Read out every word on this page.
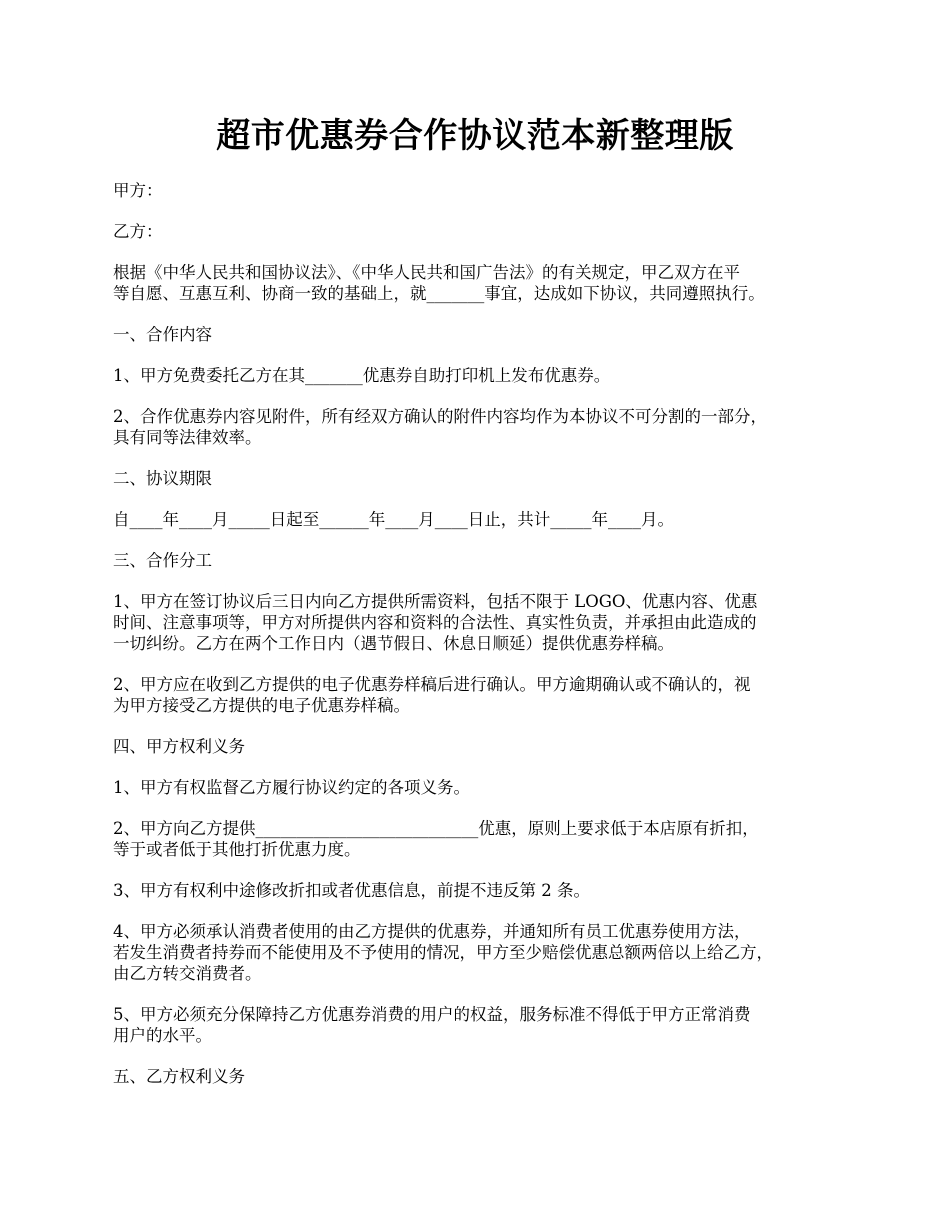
超市优惠券合作协议范本新整理版

甲方：

乙方：

根据《中华人民共和国协议法》、《中华人民共和国广告法》的有关规定，甲乙双方在平
等自愿、互惠互利、协商一致的基础上，就_______事宜，达成如下协议，共同遵照执行。

一、合作内容

1、甲方免费委托乙方在其_______优惠券自助打印机上发布优惠券。

2、合作优惠券内容见附件，所有经双方确认的附件内容均作为本协议不可分割的一部分，
具有同等法律效率。

二、协议期限

自____年____月_____日起至______年____月____日止，共计_____年____月。

三、合作分工

1、甲方在签订协议后三日内向乙方提供所需资料，包括不限于 LOGO、优惠内容、优惠
时间、注意事项等，甲方对所提供内容和资料的合法性、真实性负责，并承担由此造成的
一切纠纷。乙方在两个工作日内（遇节假日、休息日顺延）提供优惠券样稿。

2、甲方应在收到乙方提供的电子优惠券样稿后进行确认。甲方逾期确认或不确认的，视
为甲方接受乙方提供的电子优惠券样稿。

四、甲方权利义务

1、甲方有权监督乙方履行协议约定的各项义务。

2、甲方向乙方提供___________________________优惠，原则上要求低于本店原有折扣，
等于或者低于其他打折优惠力度。

3、甲方有权利中途修改折扣或者优惠信息，前提不违反第 2 条。

4、甲方必须承认消费者使用的由乙方提供的优惠券，并通知所有员工优惠券使用方法，
若发生消费者持券而不能使用及不予使用的情况，甲方至少赔偿优惠总额两倍以上给乙方，
由乙方转交消费者。

5、甲方必须充分保障持乙方优惠券消费的用户的权益，服务标准不得低于甲方正常消费
用户的水平。

五、乙方权利义务
